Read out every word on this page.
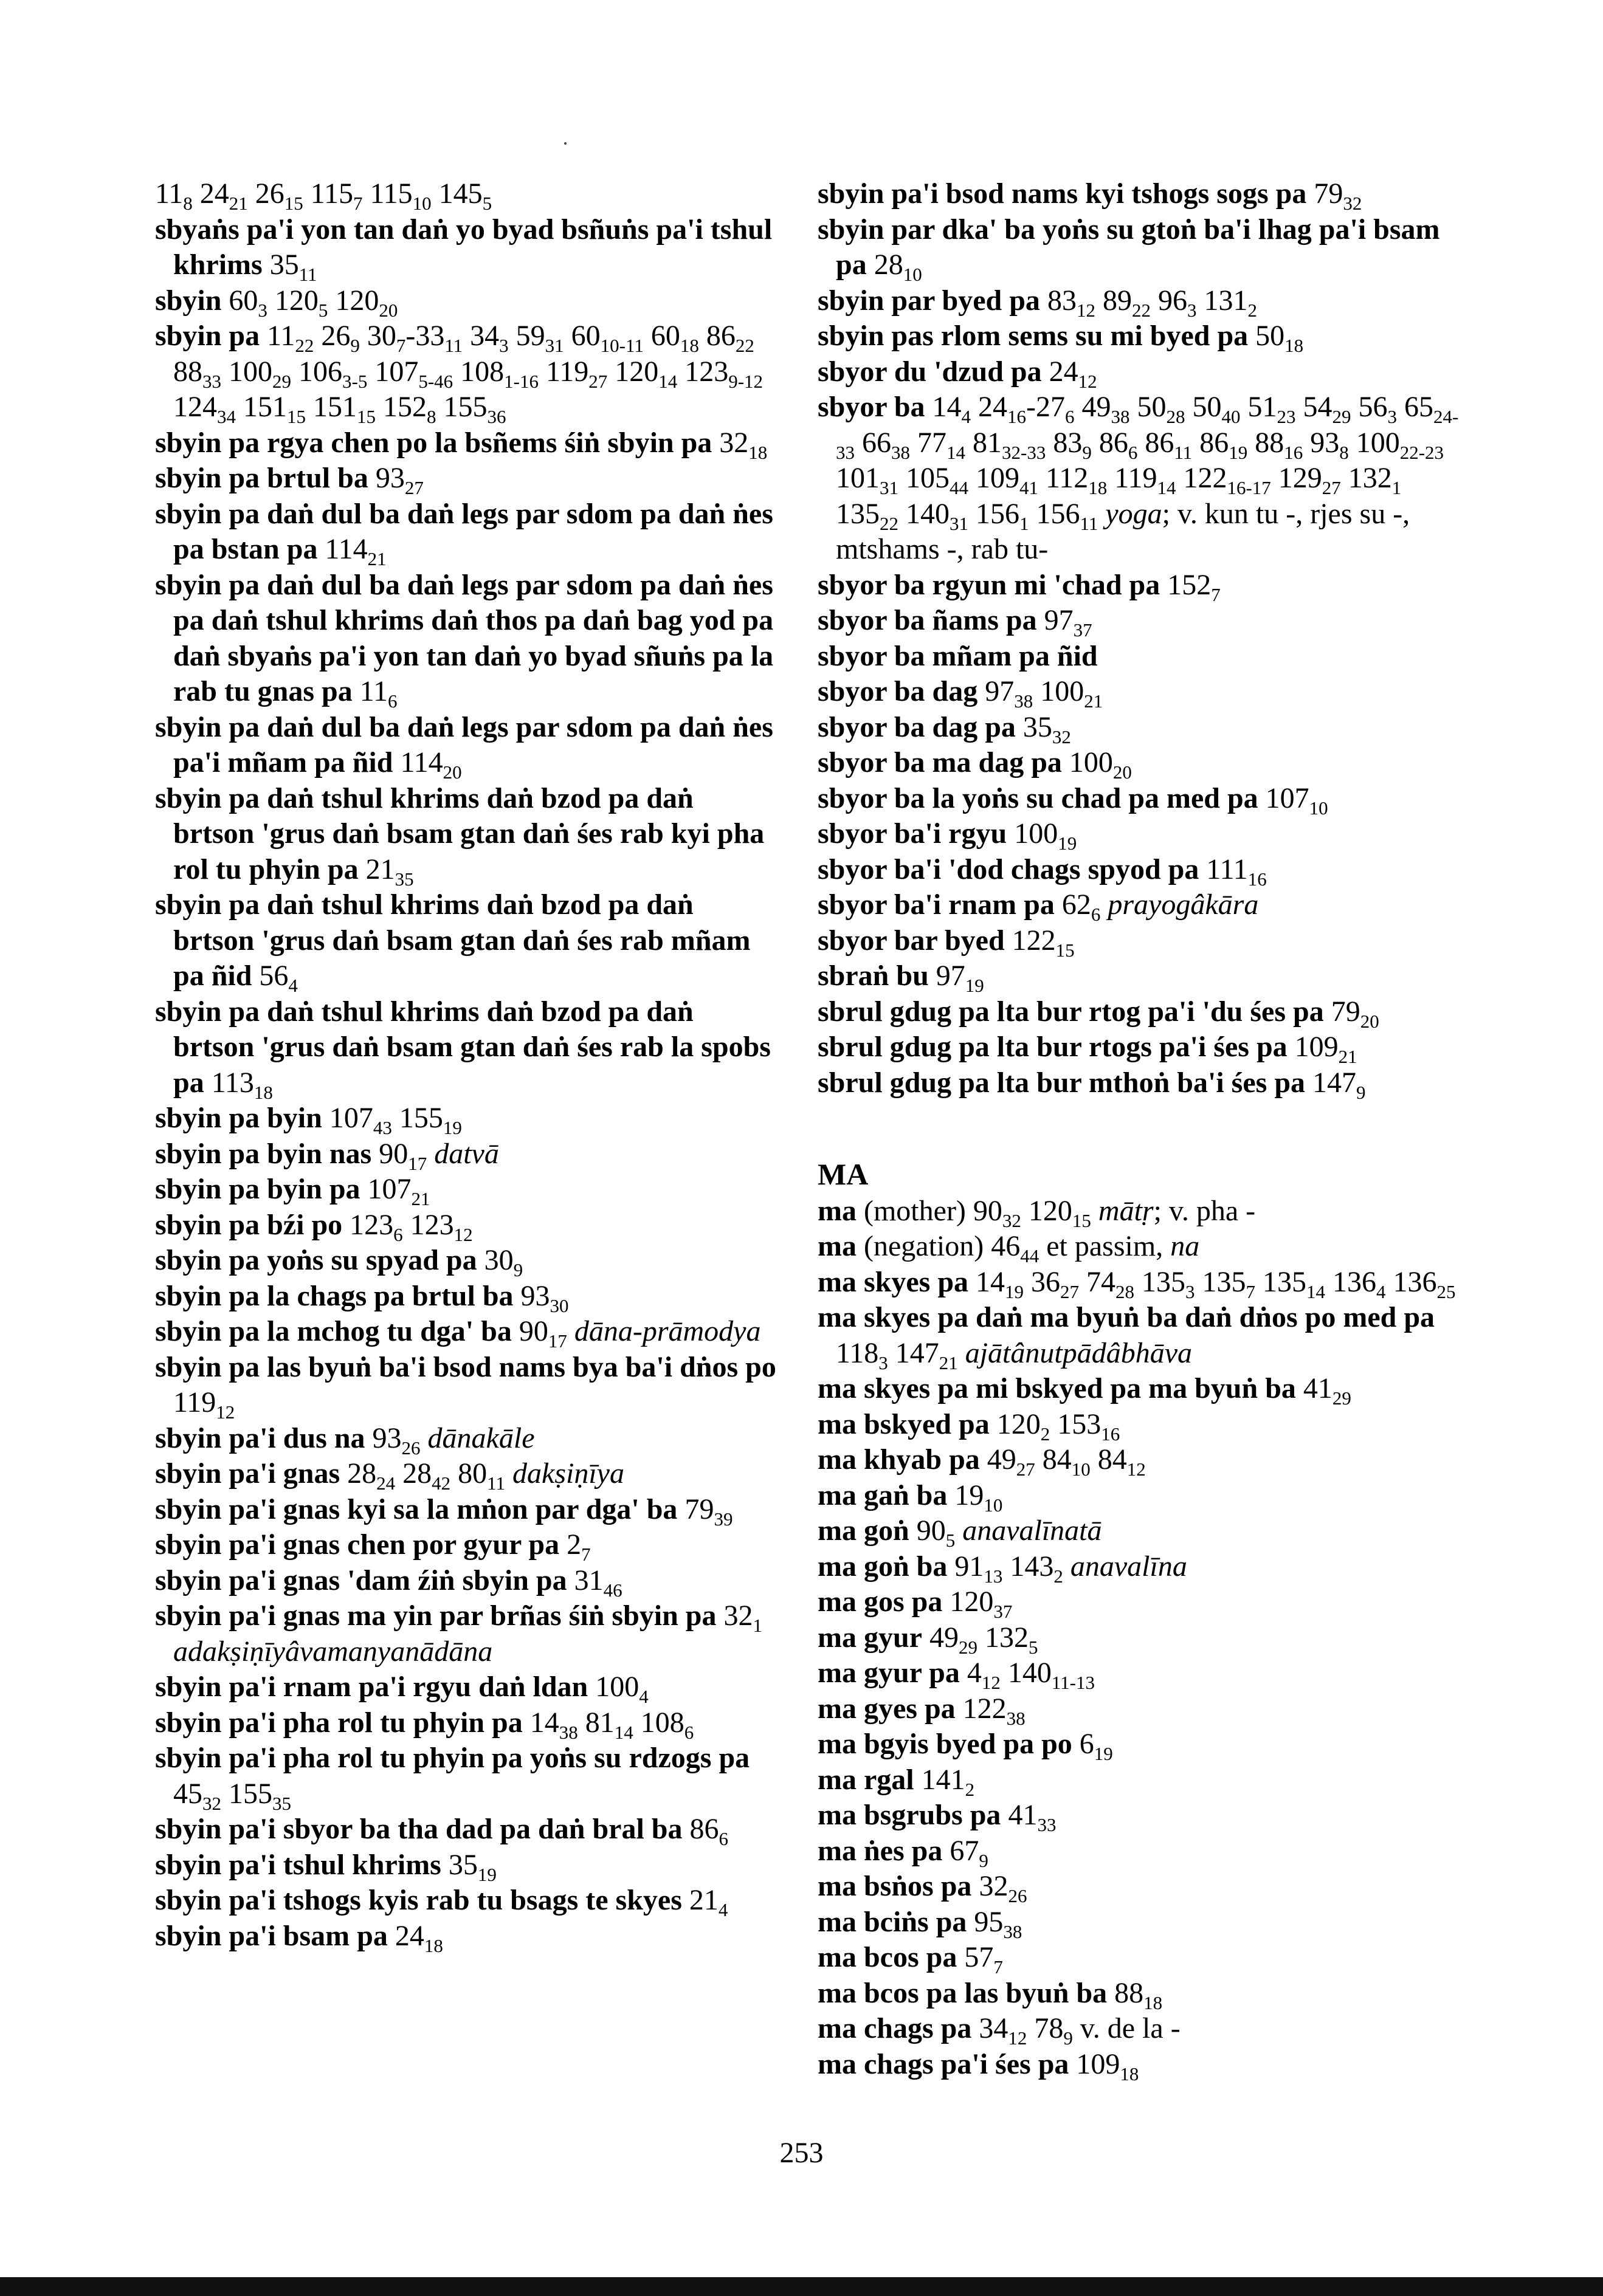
$11_8$ $24_{21}$ $26_{15}$ $115_7$ $115_{10}$ $145_5$
sbyaṅs pa'i yon tan daṅ yo byad bsñuṅs pa'i tshul khrims $35_{11}$
sbyin $60_3$ $120_5$ $120_{20}$
sbyin pa $11_{22}$ $26_9$ $30_7-33_{11}$ $34_3$ $59_{31}$ $60_{10-11}$ $60_{18}$ $86_{22}$ $88_{33}$ $100_{29}$ $106_{3-5}$ $107_{5-46}$ $108_{1-16}$ $119_{27}$ $120_{14}$ $123_{9-12}$ $124_{34}$ $151_{15}$ $151_{15}$ $152_8$ $155_{36}$
sbyin pa rgya chen po la bsñems śiṅ sbyin pa $32_{18}$
sbyin pa brtul ba $93_{27}$
sbyin pa daṅ dul ba daṅ legs par sdom pa daṅ ṅes pa bstan pa $114_{21}$
sbyin pa daṅ dul ba daṅ legs par sdom pa daṅ ṅes pa daṅ tshul khrims daṅ thos pa daṅ bag yod pa daṅ sbyaṅs pa'i yon tan daṅ yo byad sñuṅs pa la rab tu gnas pa $11_6$
sbyin pa daṅ dul ba daṅ legs par sdom pa daṅ ṅes pa'i mñam pa ñid $114_{20}$
sbyin pa daṅ tshul khrims daṅ bzod pa daṅ brtson 'grus daṅ bsam gtan daṅ śes rab kyi pha rol tu phyin pa $21_{35}$
sbyin pa daṅ tshul khrims daṅ bzod pa daṅ brtson 'grus daṅ bsam gtan daṅ śes rab mñam pa ñid $56_4$
sbyin pa daṅ tshul khrims daṅ bzod pa daṅ brtson 'grus daṅ bsam gtan daṅ śes rab la spobs pa $113_{18}$
sbyin pa byin $107_{43}$ $155_{19}$
sbyin pa byin nas $90_{17}$ datvā
sbyin pa byin pa $107_{21}$
sbyin pa bźi po $123_6$ $123_{12}$
sbyin pa yoṅs su spyad pa $30_9$
sbyin pa la chags pa brtul ba $93_{30}$
sbyin pa la mchog tu dga' ba $90_{17}$ dāna-prāmodya
sbyin pa las byuṅ ba'i bsod nams bya ba'i dṅos po $119_{12}$
sbyin pa'i dus na $93_{26}$ dānakāle
sbyin pa'i gnas $28_{24}$ $28_{42}$ $80_{11}$ dakṣiṇīya
sbyin pa'i gnas kyi sa la mṅon par dga' ba $79_{39}$
sbyin pa'i gnas chen por gyur pa $2_7$
sbyin pa'i gnas 'dam źiṅ sbyin pa $31_{46}$
sbyin pa'i gnas ma yin par brñas śiṅ sbyin pa $32_1$ adakṣiṇīyâvamanyanādāna
sbyin pa'i rnam pa'i rgyu daṅ ldan $100_4$
sbyin pa'i pha rol tu phyin pa $14_{38}$ $81_{14}$ $108_6$
sbyin pa'i pha rol tu phyin pa yoṅs su rdzogs pa $45_{32}$ $155_{35}$
sbyin pa'i sbyor ba tha dad pa daṅ bral ba $86_6$
sbyin pa'i tshul khrims $35_{19}$
sbyin pa'i tshogs kyis rab tu bsags te skyes $21_4$
sbyin pa'i bsam pa $24_{18}$
sbyin pa'i bsod nams kyi tshogs sogs pa $79_{32}$
sbyin par dka' ba yoṅs su gtoṅ ba'i lhag pa'i bsam pa $28_{10}$
sbyin par byed pa $83_{12}$ $89_{22}$ $96_3$ $131_2$
sbyin pas rlom sems su mi byed pa $50_{18}$
sbyor du 'dzud pa $24_{12}$
sbyor ba $14_4$ $24_{16}-27_6$ $49_{38}$ $50_{28}$ $50_{40}$ $51_{23}$ $54_{29}$ $56_3$ $65_{24-33}$ $66_{38}$ $77_{14}$ $81_{32-33}$ $83_9$ $86_6$ $86_{11}$ $86_{19}$ $88_{16}$ $93_8$ $100_{22-23}$ $101_{31}$ $105_{44}$ $109_{41}$ $112_{18}$ $119_{14}$ $122_{16-17}$ $129_{27}$ $132_1$ $135_{22}$ $140_{31}$ $156_1$ $156_{11}$ yoga; v. kun tu -, rjes su -, mtshams -, rab tu-
sbyor ba rgyun mi 'chad pa $152_7$
sbyor ba ñams pa $97_{37}$
sbyor ba mñam pa ñid
sbyor ba dag $97_{38}$ $100_{21}$
sbyor ba dag pa $35_{32}$
sbyor ba ma dag pa $100_{20}$
sbyor ba la yoṅs su chad pa med pa $107_{10}$
sbyor ba'i rgyu $100_{19}$
sbyor ba'i 'dod chags spyod pa $111_{16}$
sbyor ba'i rnam pa $62_6$ prayogâkāra
sbyor bar byed $122_{15}$
sbraṅ bu $97_{19}$
sbrul gdug pa lta bur rtog pa'i 'du śes pa $79_{20}$
sbrul gdug pa lta bur rtogs pa'i śes pa $109_{21}$
sbrul gdug pa lta bur mthoṅ ba'i śes pa $147_9$
MA
ma (mother) $90_{32}$ $120_{15}$ mātṛ; v. pha -
ma (negation) $46_{44}$ et passim, na
ma skyes pa $14_{19}$ $36_{27}$ $74_{28}$ $135_3$ $135_7$ $135_{14}$ $136_4$ $136_{25}$
ma skyes pa daṅ ma byuṅ ba daṅ dṅos po med pa $118_3$ $147_{21}$ ajātânutpādâbhāva
ma skyes pa mi bskyed pa ma byuṅ ba $41_{29}$
ma bskyed pa $120_2$ $153_{16}$
ma khyab pa $49_{27}$ $84_{10}$ $84_{12}$
ma gaṅ ba $19_{10}$
ma goṅ $90_5$ anavalīnatā
ma goṅ ba $91_{13}$ $143_2$ anavalīna
ma gos pa $120_{37}$
ma gyur $49_{29}$ $132_5$
ma gyur pa $4_{12}$ $140_{11-13}$
ma gyes pa $122_{38}$
ma bgyis byed pa po $6_{19}$
ma rgal $141_2$
ma bsgrubs pa $41_{33}$
ma ṅes pa $67_9$
ma bsṅos pa $32_{26}$
ma bciṅs pa $95_{38}$
ma bcos pa $57_7$
ma bcos pa las byuṅ ba $88_{18}$
ma chags pa $34_{12}$ $78_9$ v. de la -
ma chags pa'i śes pa $109_{18}$
253
